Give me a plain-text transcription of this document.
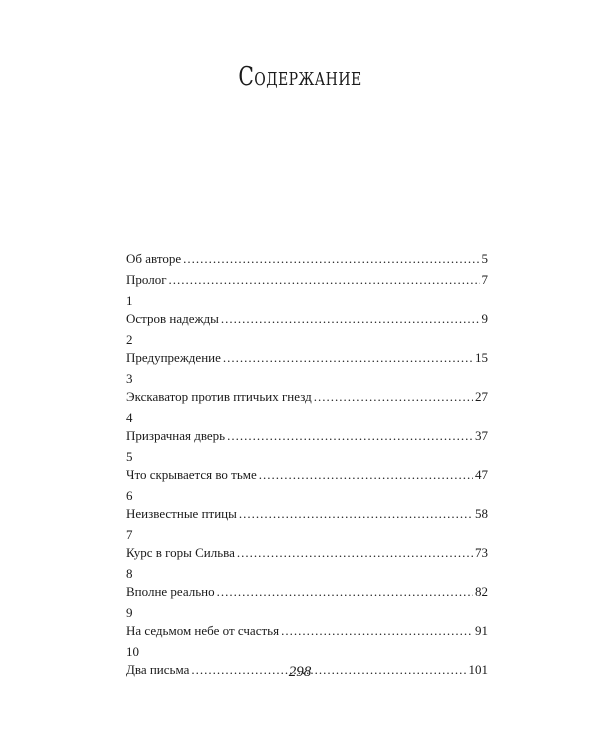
Содержание
Об авторе .....	5
Пролог .....	7
1
Остров надежды .....	9
2
Предупреждение .....	15
3
Экскаватор против птичьих гнезд .....	27
4
Призрачная дверь .....	37
5
Что скрывается во тьме .....	47
6
Неизвестные птицы .....	58
7
Курс в горы Сильва .....	73
8
Вполне реально .....	82
9
На седьмом небе от счастья .....	91
10
Два письма .....	101
298
